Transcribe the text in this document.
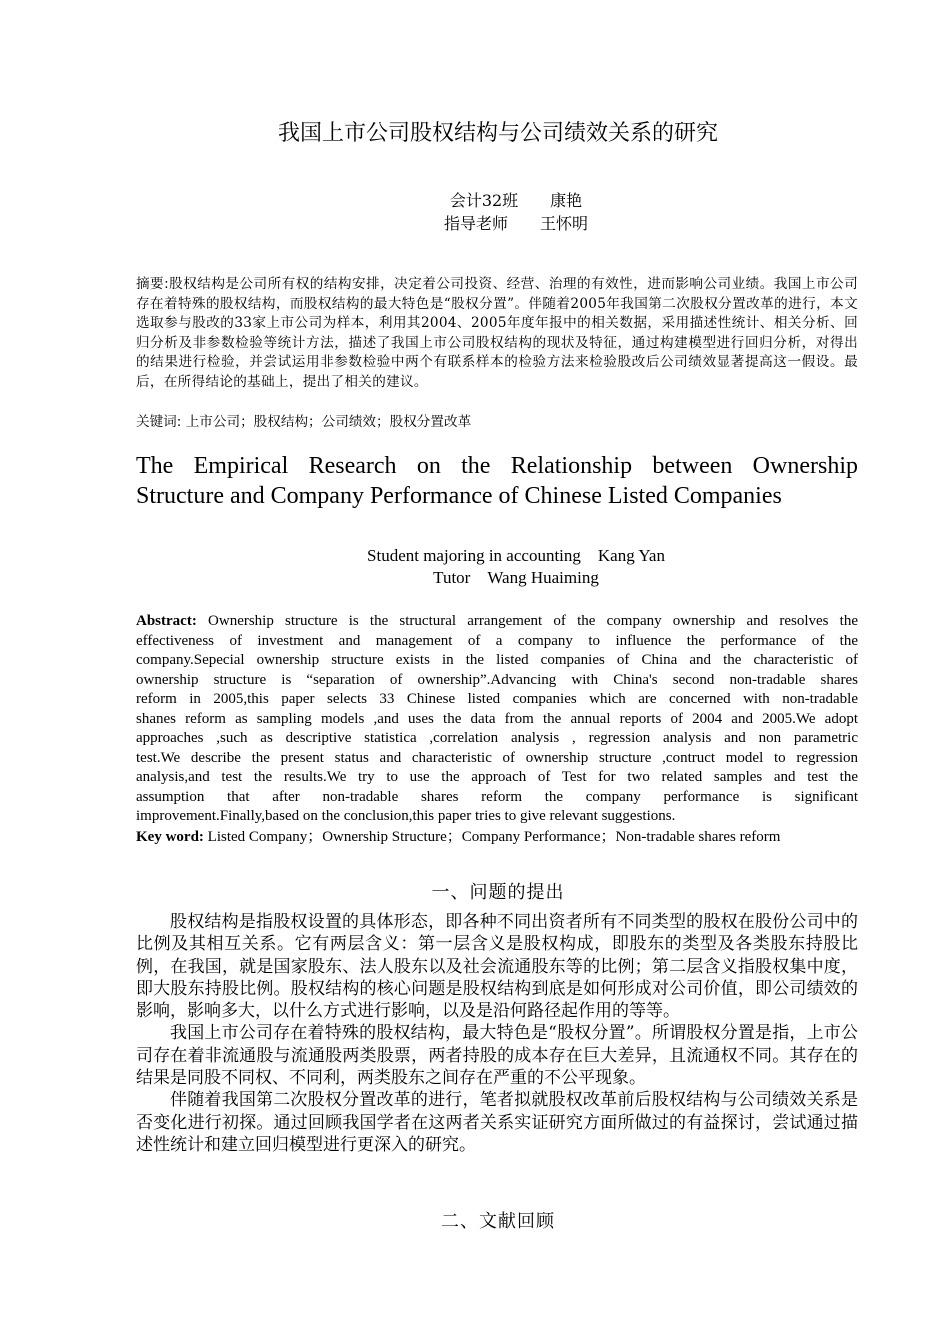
我国上市公司股权结构与公司绩效关系的研究
会计32班　　康艳
指导老师　　王怀明
摘要:股权结构是公司所有权的结构安排，决定着公司投资、经营、治理的有效性，进而影响公司业绩。我国上市公司存在着特殊的股权结构，而股权结构的最大特色是“股权分置”。伴随着2005年我国第二次股权分置改革的进行，本文选取参与股改的33家上市公司为样本，利用其2004、2005年度年报中的相关数据，采用描述性统计、相关分析、回归分析及非参数检验等统计方法，描述了我国上市公司股权结构的现状及特征，通过构建模型进行回归分析，对得出的结果进行检验，并尝试运用非参数检验中两个有联系样本的检验方法来检验股改后公司绩效显著提高这一假设。最后，在所得结论的基础上，提出了相关的建议。
关键词: 上市公司；股权结构；公司绩效；股权分置改革
The Empirical Research on the Relationship between Ownership
Structure and Company Performance of Chinese Listed Companies
Student majoring in accounting　Kang Yan
Tutor　Wang Huaiming
Abstract: Ownership structure is the structural arrangement of the company ownership and resolves the
effectiveness of investment and management of a company to influence the performance of the
company.Sepecial ownership structure exists in the listed companies of China and the characteristic of
ownership structure is “separation of ownership”.Advancing with China's second non-tradable shares
reform in 2005,this paper selects 33 Chinese listed companies which are concerned with non-tradable
shanes reform as sampling models ,and uses the data from the annual reports of 2004 and 2005.We adopt
approaches ,such as descriptive statistica ,correlation analysis , regression analysis and non parametric
test.We describe the present status and characteristic of ownership structure ,contruct model to regression
analysis,and test the results.We try to use the approach of Test for two related samples and test the
assumption that after non-tradable shares reform the company performance is significant
improvement.Finally,based on the conclusion,this paper tries to give relevant suggestions.
Key word: Listed Company；Ownership Structure；Company Performance；Non-tradable shares reform
一、问题的提出

股权结构是指股权设置的具体形态，即各种不同出资者所有不同类型的股权在股份公司中的比例及其相互关系。它有两层含义：第一层含义是股权构成，即股东的类型及各类股东持股比例，在我国，就是国家股东、法人股东以及社会流通股东等的比例；第二层含义指股权集中度，即大股东持股比例。股权结构的核心问题是股权结构到底是如何形成对公司价值，即公司绩效的影响，影响多大，以什么方式进行影响，以及是沿何路径起作用的等等。

我国上市公司存在着特殊的股权结构，最大特色是“股权分置”。所谓股权分置是指，上市公司存在着非流通股与流通股两类股票，两者持股的成本存在巨大差异，且流通权不同。其存在的结果是同股不同权、不同利，两类股东之间存在严重的不公平现象。

伴随着我国第二次股权分置改革的进行，笔者拟就股权改革前后股权结构与公司绩效关系是否变化进行初探。通过回顾我国学者在这两者关系实证研究方面所做过的有益探讨，尝试通过描述性统计和建立回归模型进行更深入的研究。

二、文献回顾
